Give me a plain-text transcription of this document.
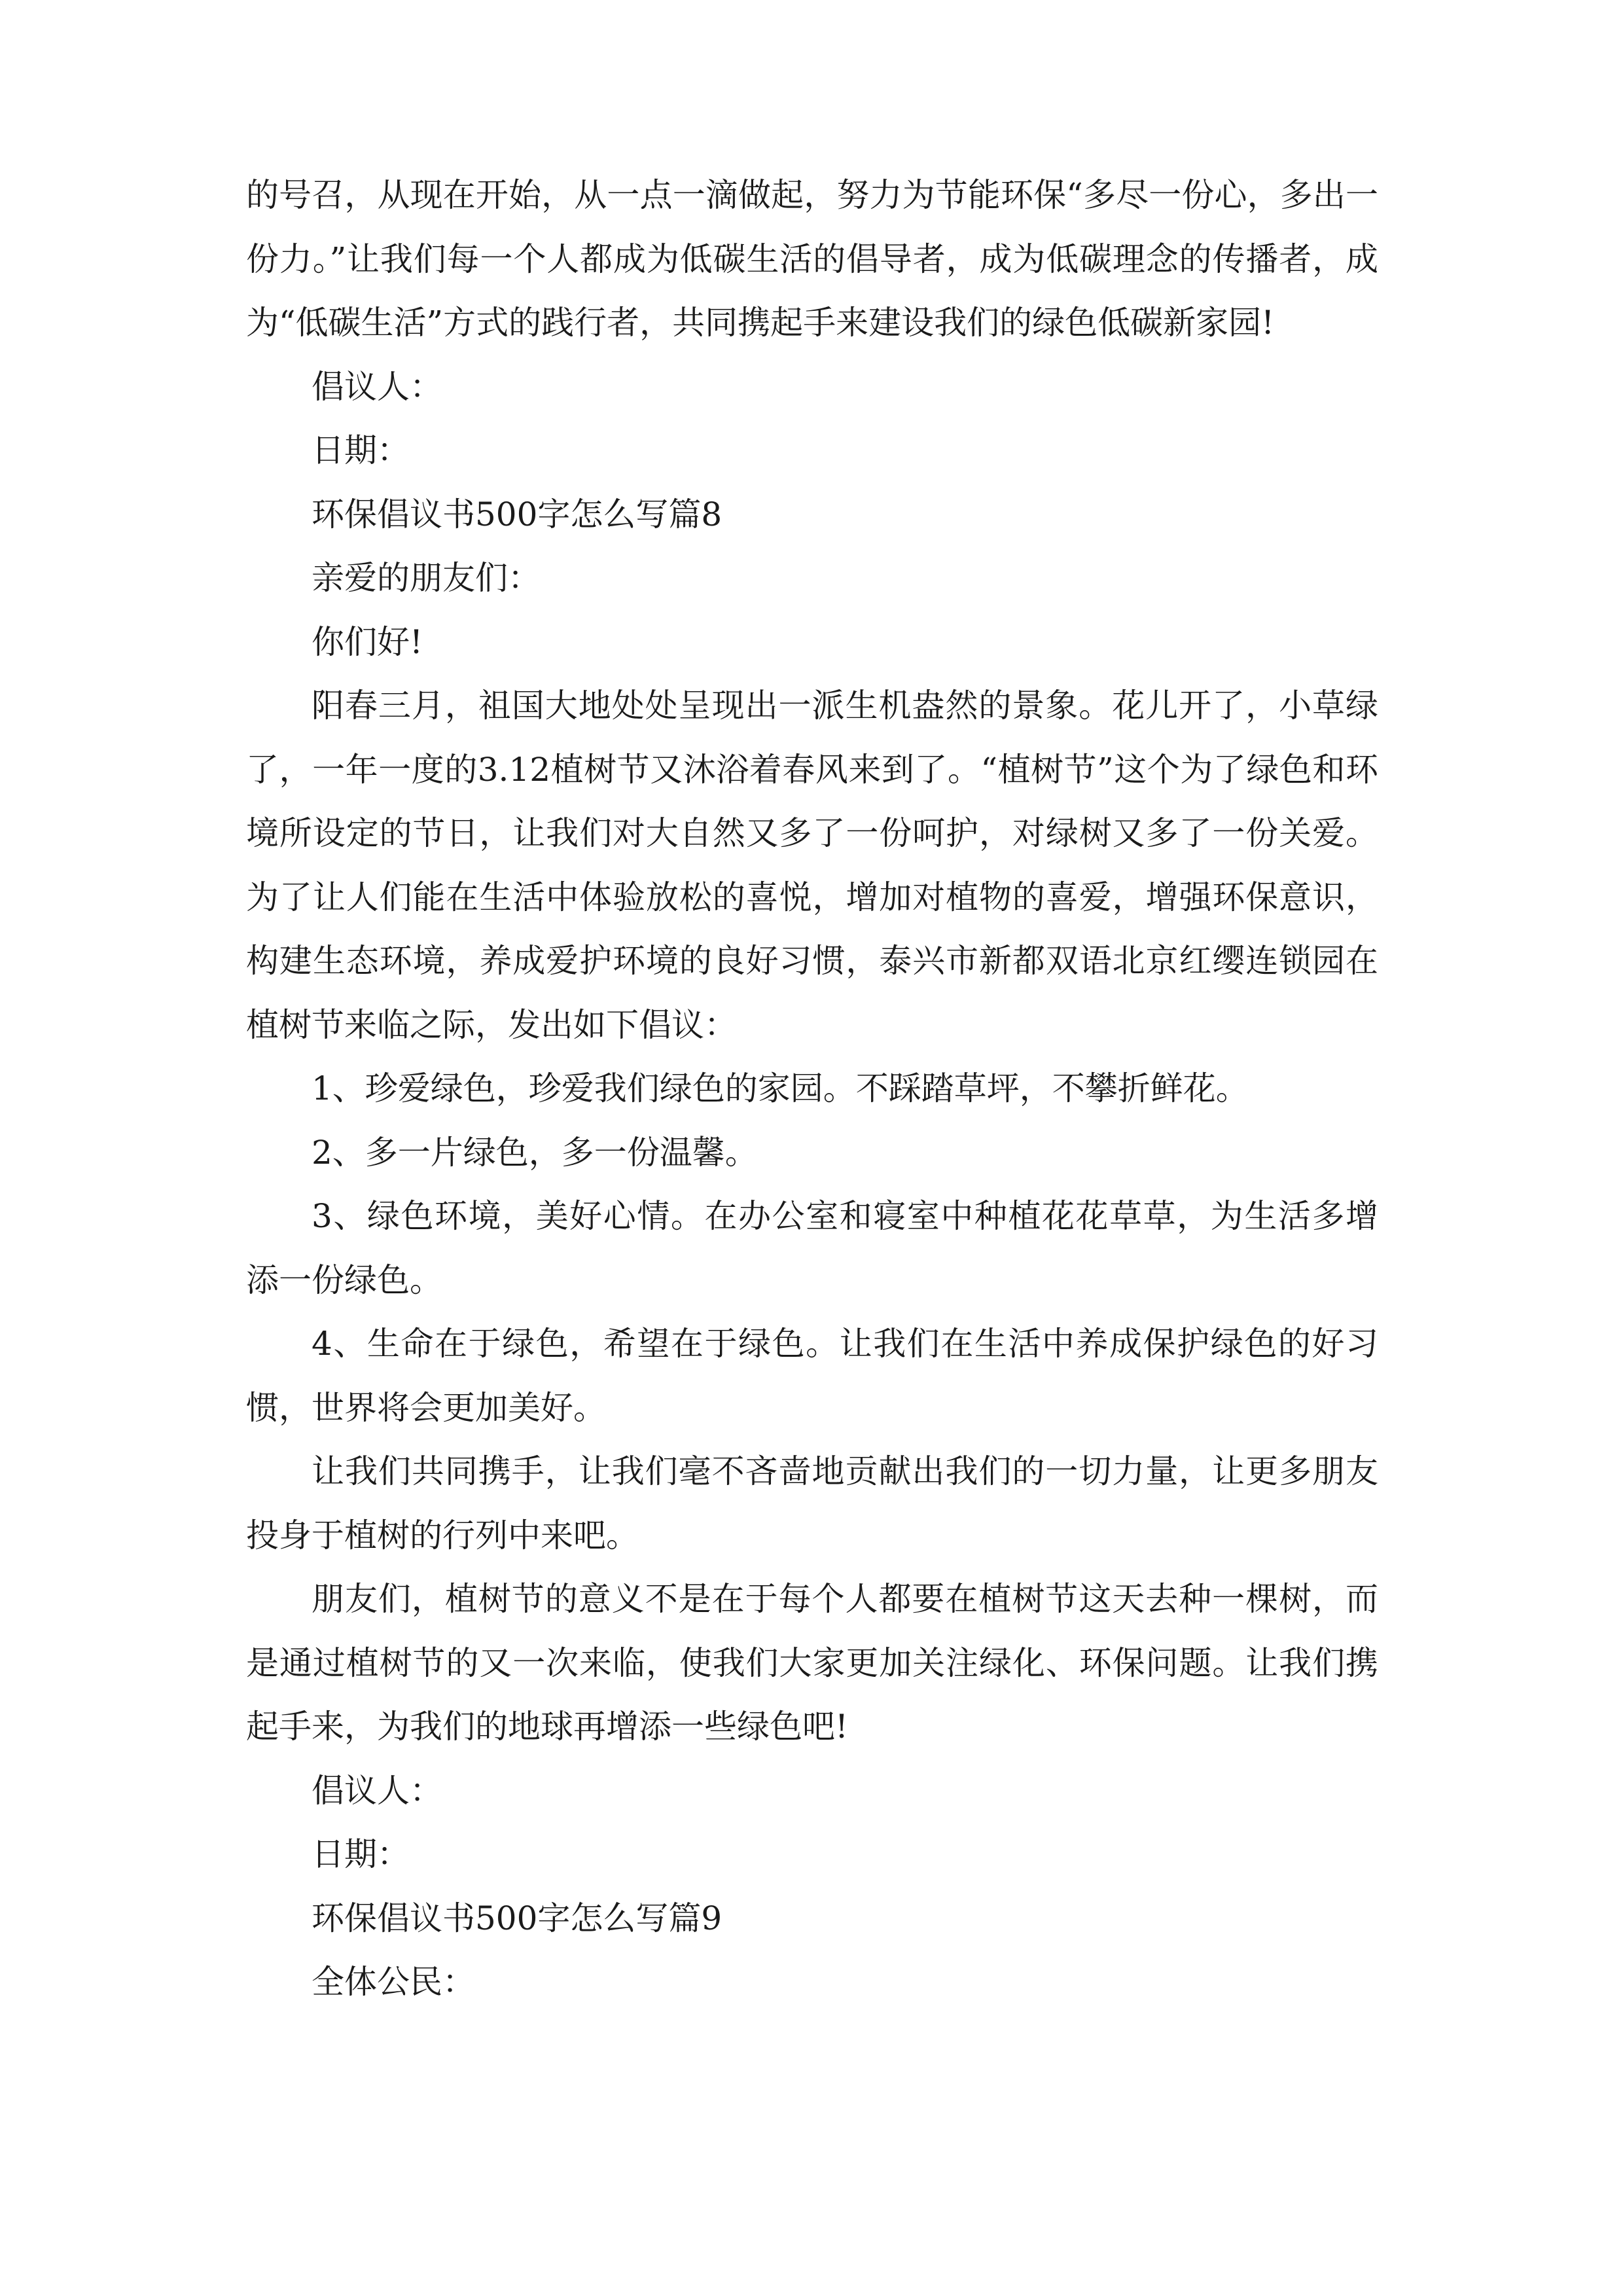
的号召，从现在开始，从一点一滴做起，努力为节能环保“多尽一份心，多出一份力。”让我们每一个人都成为低碳生活的倡导者，成为低碳理念的传播者，成为“低碳生活”方式的践行者，共同携起手来建设我们的绿色低碳新家园!

倡议人：

日期：

环保倡议书500字怎么写篇8

亲爱的朋友们：

你们好!

阳春三月，祖国大地处处呈现出一派生机盎然的景象。花儿开了，小草绿了，一年一度的3.12植树节又沐浴着春风来到了。“植树节”这个为了绿色和环境所设定的节日，让我们对大自然又多了一份呵护，对绿树又多了一份关爱。为了让人们能在生活中体验放松的喜悦，增加对植物的喜爱，增强环保意识，构建生态环境，养成爱护环境的良好习惯，泰兴市新都双语北京红缨连锁园在植树节来临之际，发出如下倡议：

1、珍爱绿色，珍爱我们绿色的家园。不踩踏草坪，不攀折鲜花。

2、多一片绿色，多一份温馨。

3、绿色环境，美好心情。在办公室和寝室中种植花花草草，为生活多增添一份绿色。

4、生命在于绿色，希望在于绿色。让我们在生活中养成保护绿色的好习惯，世界将会更加美好。

让我们共同携手，让我们毫不吝啬地贡献出我们的一切力量，让更多朋友投身于植树的行列中来吧。

朋友们，植树节的意义不是在于每个人都要在植树节这天去种一棵树，而是通过植树节的又一次来临，使我们大家更加关注绿化、环保问题。让我们携起手来，为我们的地球再增添一些绿色吧!

倡议人：

日期：

环保倡议书500字怎么写篇9

全体公民：
